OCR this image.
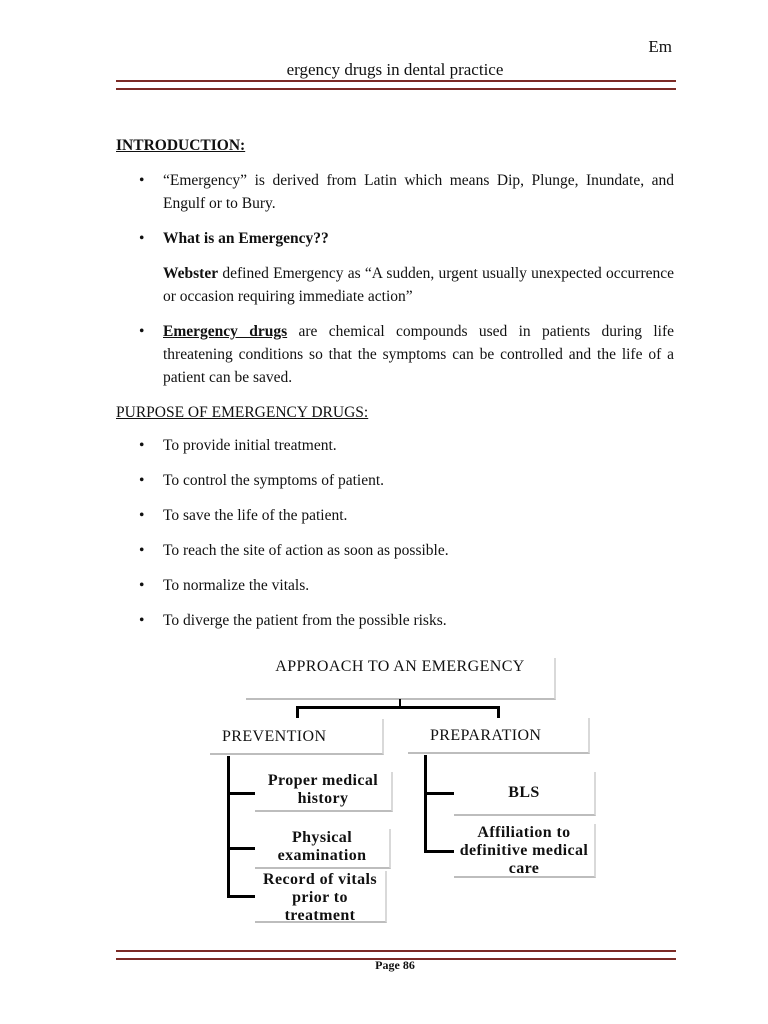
Em
ergency drugs in dental practice
INTRODUCTION:
• “Emergency” is derived from Latin which means Dip, Plunge, Inundate, and Engulf or to Bury.
• What is an Emergency??
Webster defined Emergency as “A sudden, urgent usually unexpected occurrence or occasion requiring immediate action”
• Emergency drugs are chemical compounds used in patients during life threatening conditions so that the symptoms can be controlled and the life of a patient can be saved.
PURPOSE OF EMERGENCY DRUGS:
• To provide initial treatment.
• To control the symptoms of patient.
• To save the life of the patient.
• To reach the site of action as soon as possible.
• To normalize the vitals.
• To diverge the patient from the possible risks.
APPROACH TO AN EMERGENCY
PREVENTION	PREPARATION
Proper medical history
Physical examination
Record of vitals prior to treatment
BLS
Affiliation to definitive medical care
Page 86
